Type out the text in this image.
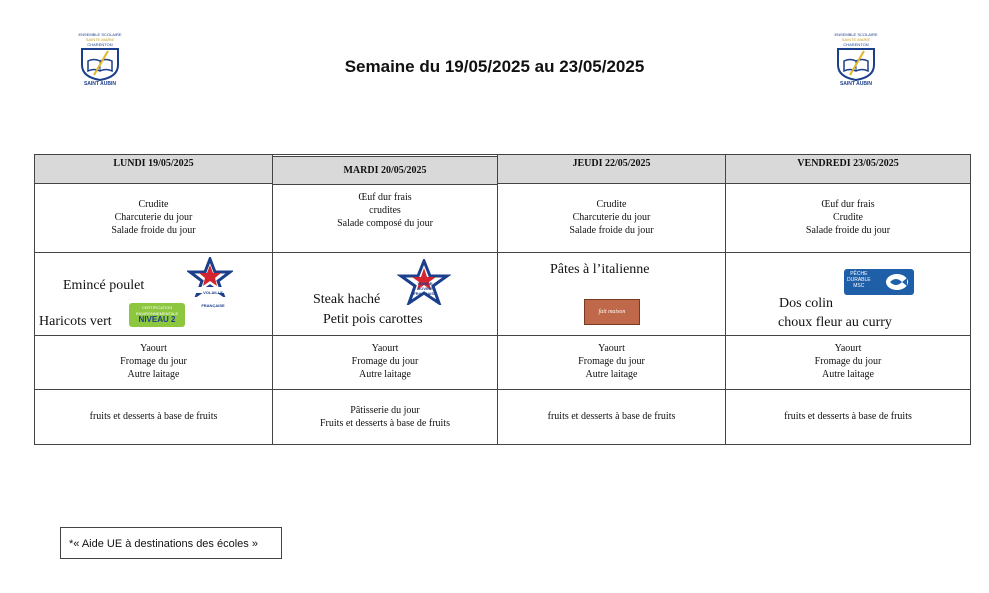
ENSEMBLE SCOLAIRE
SAINTE-MARIE
CHARENTON
SAINT AUBIN
ENSEMBLE SCOLAIRE
SAINTE-MARIE
CHARENTON
SAINT AUBIN
Semaine du 19/05/2025 au 23/05/2025
LUNDI 19/05/2025
Crudite
Charcuterie du jour
Salade froide du jour
Emincé poulet
Haricots vert
VOLAILLE FRANÇAISE
CERTIFICATION
ENVIRONNEMENTALE
NIVEAU 2
Yaourt
Fromage du jour
Autre laitage
fruits et desserts à base de fruits
MARDI 20/05/2025
Œuf dur frais
crudites
Salade composé du jour
Steak haché
Petit pois carottes
VIANDE
BOVINE
FRANÇAISE
Yaourt
Fromage du jour
Autre laitage
Pâtisserie du jour
Fruits et desserts à base de fruits
JEUDI 22/05/2025
Crudite
Charcuterie du jour
Salade froide du jour
Pâtes à l’italienne
fait maison
Yaourt
Fromage du jour
Autre laitage
fruits et desserts à base de fruits
VENDREDI 23/05/2025
Œuf dur frais
Crudite
Salade froide du jour
Dos colin
choux fleur au curry
PÊCHE
DURABLE
MSC
Yaourt
Fromage du jour
Autre laitage
fruits et desserts à base de fruits
*« Aide UE à destinations des écoles »
